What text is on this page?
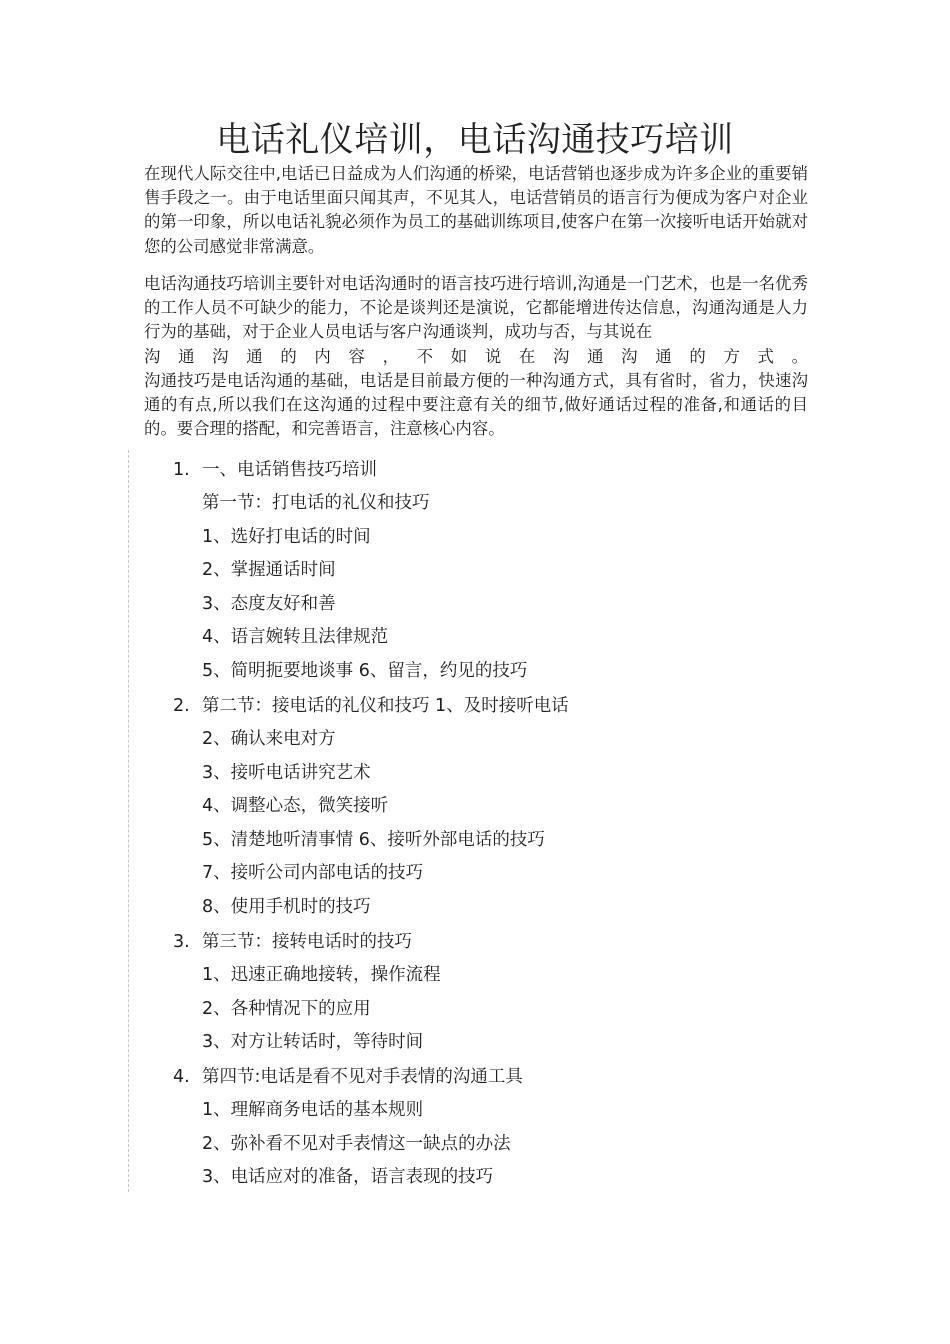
电话礼仪培训，电话沟通技巧培训
在现代人际交往中,电话已日益成为人们沟通的桥梁，电话营销也逐步成为许多企业的重要销售手段之一。由于电话里面只闻其声，不见其人，电话营销员的语言行为便成为客户对企业的第一印象，所以电话礼貌必须作为员工的基础训练项目,使客户在第一次接听电话开始就对您的公司感觉非常满意。
电话沟通技巧培训主要针对电话沟通时的语言技巧进行培训,沟通是一门艺术，也是一名优秀的工作人员不可缺少的能力，不论是谈判还是演说，它都能增进传达信息，沟通沟通是人力行为的基础，对于企业人员电话与客户沟通谈判，成功与否，与其说在
沟通沟通的内容，不如说在沟通沟通的方式。
沟通技巧是电话沟通的基础，电话是目前最方便的一种沟通方式，具有省时，省力，快速沟通的有点,所以我们在这沟通的过程中要注意有关的细节,做好通话过程的准备,和通话的目的。要合理的搭配，和完善语言，注意核心内容。
1. 一、电话销售技巧培训
第一节：打电话的礼仪和技巧
1、选好打电话的时间
2、掌握通话时间
3、态度友好和善
4、语言婉转且法律规范
5、简明扼要地谈事 6、留言，约见的技巧
2. 第二节：接电话的礼仪和技巧 1、及时接听电话
2、确认来电对方
3、接听电话讲究艺术
4、调整心态，微笑接听
5、清楚地听清事情 6、接听外部电话的技巧
7、接听公司内部电话的技巧
8、使用手机时的技巧
3. 第三节：接转电话时的技巧
1、迅速正确地接转，操作流程
2、各种情况下的应用
3、对方让转话时，等待时间
4. 第四节:电话是看不见对手表情的沟通工具
1、理解商务电话的基本规则
2、弥补看不见对手表情这一缺点的办法
3、电话应对的准备，语言表现的技巧
